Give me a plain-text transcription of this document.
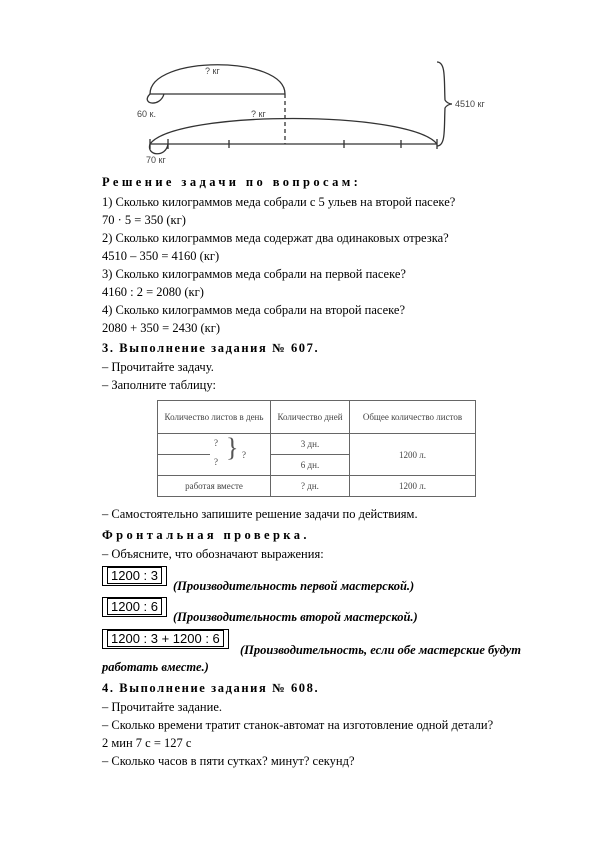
? кг
60 к.	? кг
70 кг
4510 кг
Решение задачи по вопросам:
1) Сколько килограммов меда собрали с 5 ульев на второй пасеке?
70 · 5 = 350 (кг)
2) Сколько килограммов меда содержат два одинаковых отрезка?
4510 – 350 = 4160 (кг)
3) Сколько килограммов меда собрали на первой пасеке?
4160 : 2 = 2080 (кг)
4) Сколько килограммов меда собрали на второй пасеке?
2080 + 350 = 2430 (кг)
3. Выполнение задания № 607.
– Прочитайте задачу.
– Заполните таблицу:
Количество листов в день	Количество дней	Общее количество листов

?	3 дн.	1200 л.

? } ?	6 дн.	
работая вместе	? дн.	1200 л.
– Самостоятельно запишите решение задачи по действиям.
Фронтальная проверка.
– Объясните, что обозначают выражения:
1200 : 3
(Производительность первой мастерской.)
1200 : 6
(Производительность второй мастерской.)
1200 : 3 + 1200 : 6
(Производительность, если обе мастерские будут
работать вместе.)
4. Выполнение задания № 608.
– Прочитайте задание.
– Сколько времени тратит станок-автомат на изготовление одной детали?
2 мин 7 с = 127 с
– Сколько часов в пяти сутках? минут? секунд?
